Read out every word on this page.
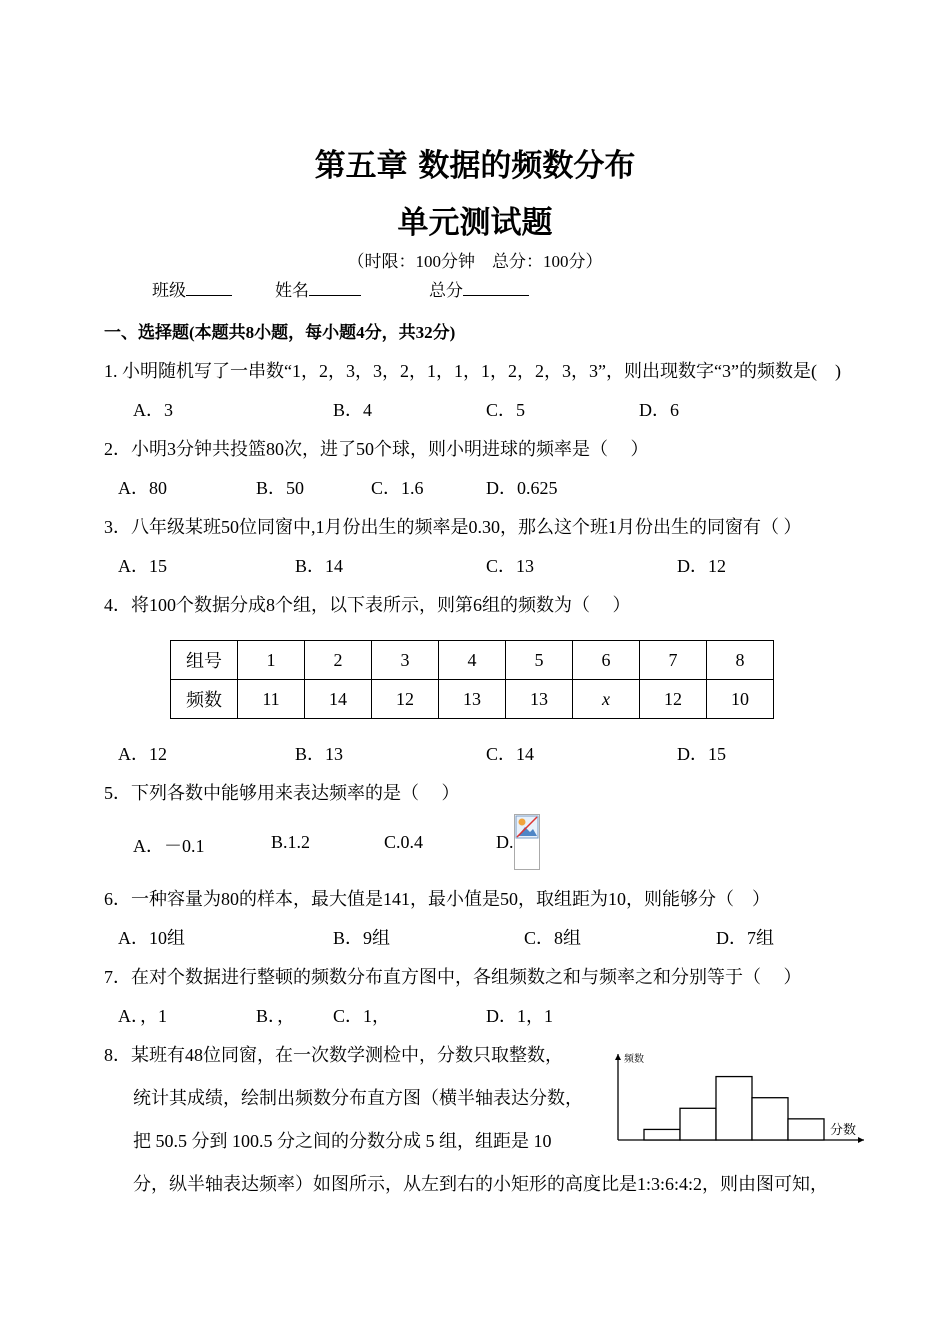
第五章 数据的频数分布
单元测试题
（时限：100分钟　总分：100分）
班级	姓名	总分
一、选择题(本题共8小题，每小题4分，共32分)
1. 小明随机写了一串数“1，2，3，3，2，1，1，1，2，2，3，3”，则出现数字“3”的频数是(　)
A．3	B．4	C．5	D．6
2．小明3分钟共投篮80次，进了50个球，则小明进球的频率是（　 ）
A．80	B．50	C．1.6	D．0.625
3．八年级某班50位同窗中,1月份出生的频率是0.30，那么这个班1月份出生的同窗有（ ）
A．15	B．14	C．13	D．12
4．将100个数据分成8个组，以下表所示，则第6组的频数为（　 ）
组号	1	2	3	4	5	6	7	8
频数	11	14	12	13	13	x	12	10
A．12	B．13	C．14	D．15
5．下列各数中能够用来表达频率的是（　 ）
A．－0.1	B.1.2	C.0.4	D.
6．一种容量为80的样本，最大值是141，最小值是50，取组距为10，则能够分（　）
A．10组	B．9组	C．8组	D．7组
7．在对个数据进行整顿的频数分布直方图中，各组频数之和与频率之和分别等于（　 ）
A．，1	B．， C．1，	D．1，1
8．某班有48位同窗，在一次数学测检中，分数只取整数，
统计其成绩，绘制出频数分布直方图（横半轴表达分数，
把 50.5 分到 100.5 分之间的分数分成 5 组，组距是 10
分，纵半轴表达频率）如图所示，从左到右的小矩形的高度比是1:3:6:4:2，则由图可知，
频数
分数
